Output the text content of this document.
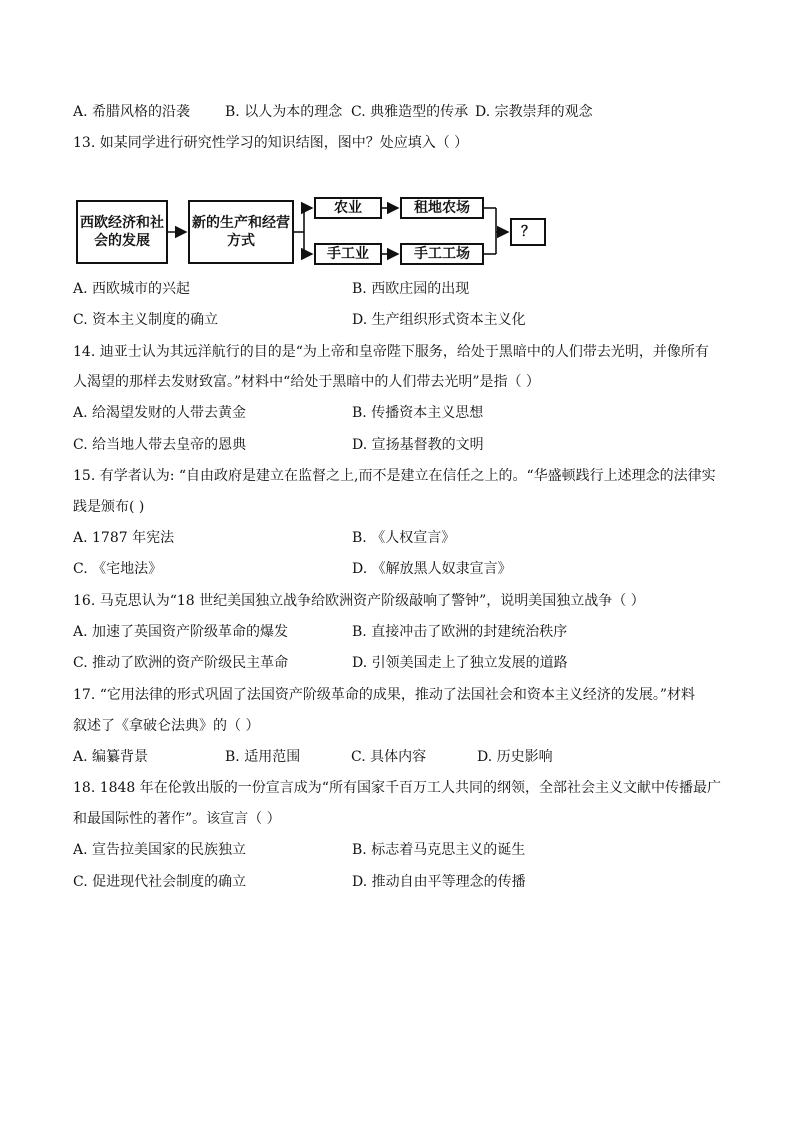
A. 希腊风格的沿袭 B. 以人为本的理念 C. 典雅造型的传承 D. 宗教崇拜的观念
13. 如某同学进行研究性学习的知识结图，图中？处应填入（ ）
西欧经济和社会的发展
新的生产和经营方式
农业	租地农场
手工业	手工工场
？
A. 西欧城市的兴起	B. 西欧庄园的出现
C. 资本主义制度的确立	D. 生产组织形式资本主义化
14. 迪亚士认为其远洋航行的目的是“为上帝和皇帝陛下服务，给处于黑暗中的人们带去光明，并像所有
人渴望的那样去发财致富。”材料中“给处于黑暗中的人们带去光明”是指（ ）
A. 给渴望发财的人带去黄金	B. 传播资本主义思想
C. 给当地人带去皇帝的恩典	D. 宣扬基督教的文明
15. 有学者认为: “自由政府是建立在监督之上,而不是建立在信任之上的。“华盛顿践行上述理念的法律实
践是颁布( )
A. 1787 年宪法	B. 《人权宣言》
C. 《宅地法》	D. 《解放黑人奴隶宣言》
16. 马克思认为“18 世纪美国独立战争给欧洲资产阶级敲响了警钟”，说明美国独立战争（ ）
A. 加速了英国资产阶级革命的爆发	B. 直接冲击了欧洲的封建统治秩序
C. 推动了欧洲的资产阶级民主革命	D. 引领美国走上了独立发展的道路
17. “它用法律的形式巩固了法国资产阶级革命的成果，推动了法国社会和资本主义经济的发展。”材料
叙述了《拿破仑法典》的（ ）
A. 编纂背景	B. 适用范围	C. 具体内容	D. 历史影响
18. 1848 年在伦敦出版的一份宣言成为“所有国家千百万工人共同的纲领，全部社会主义文献中传播最广
和最国际性的著作”。该宣言（ ）
A. 宣告拉美国家的民族独立	B. 标志着马克思主义的诞生
C. 促进现代社会制度的确立	D. 推动自由平等理念的传播
